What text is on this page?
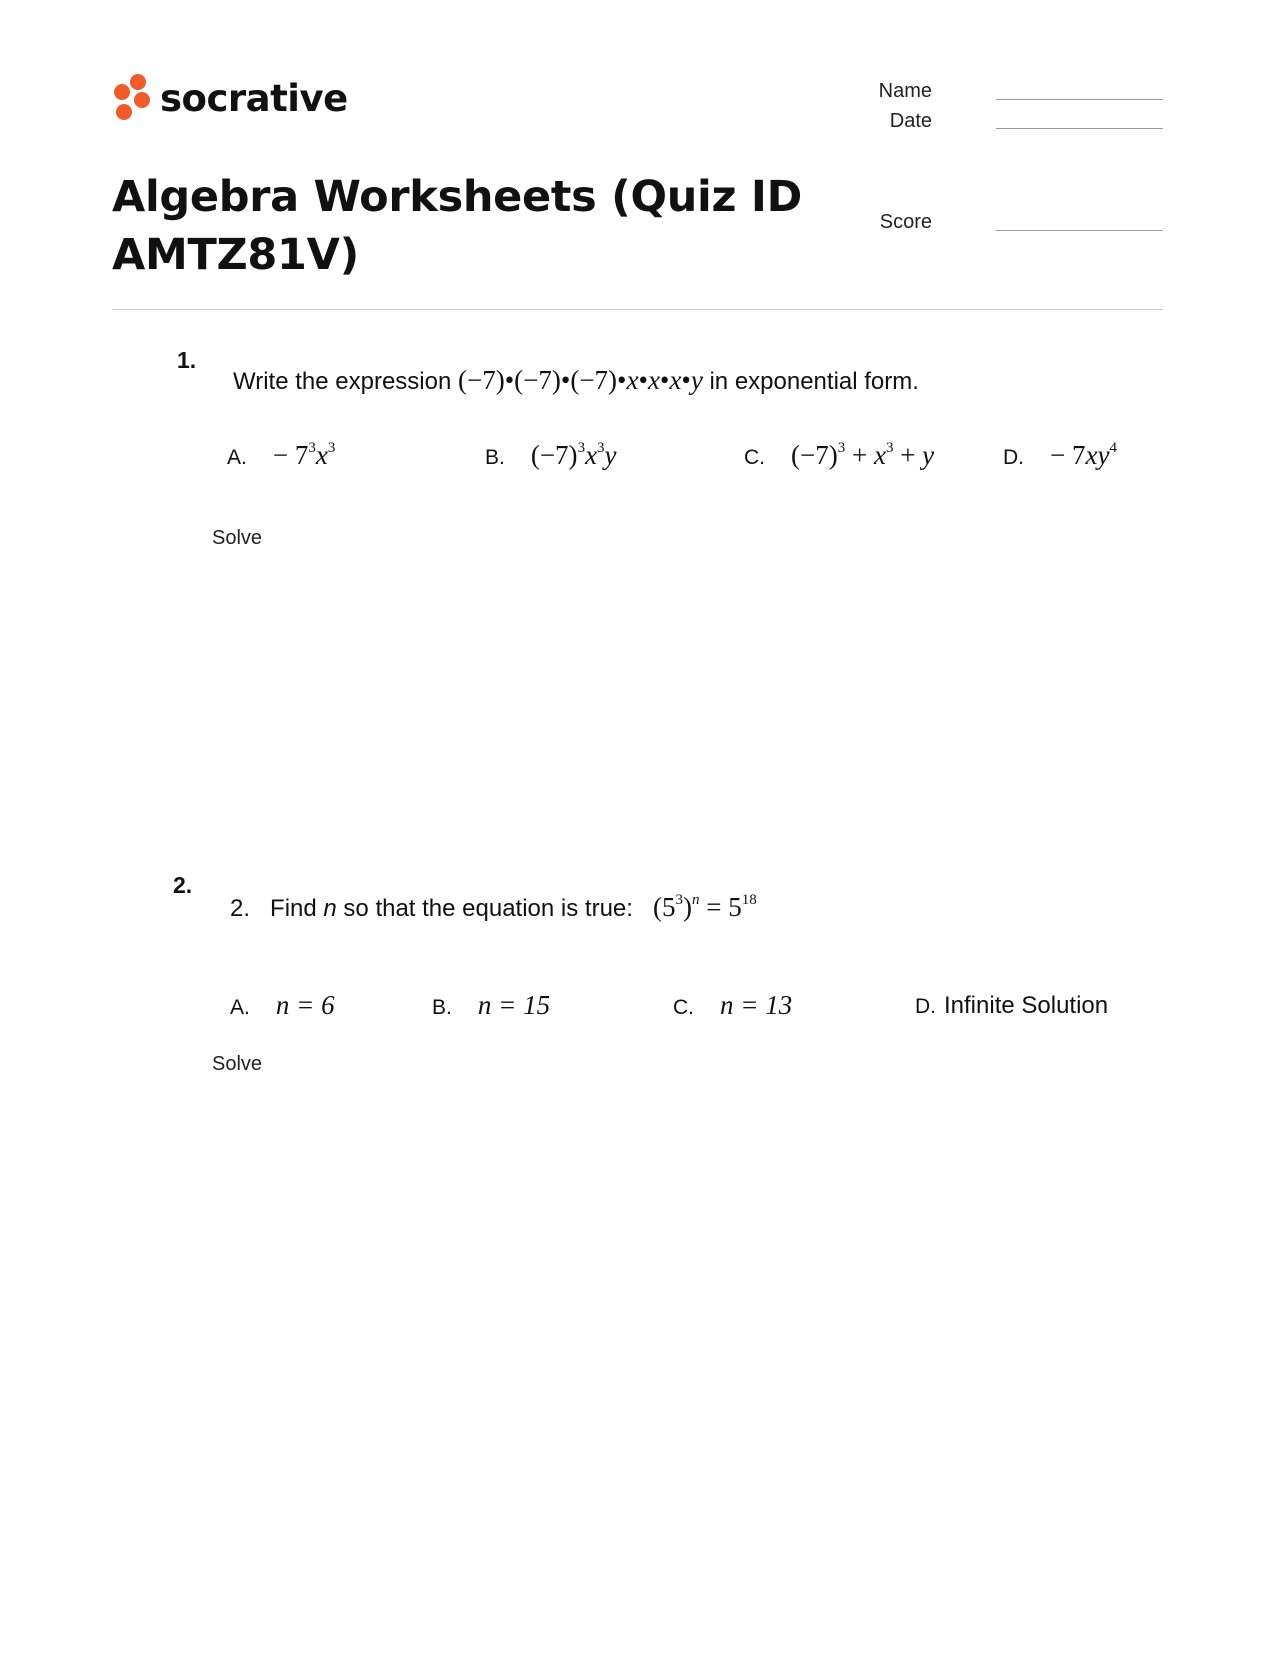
socrative	Name
Date
Score
Algebra Worksheets (Quiz ID AMTZ81V)
1.
Write the expression (−7)•(−7)•(−7)•x•x•x•y in exponential form.
A. − $7^3x^3$	B. $(-7)^3x^3y$	C. $(-7)^3 + x^3 + y$	D. − $7xy^4$
Solve
2.
2. Find n so that the equation is true: $(5^3)^n = 5^{18}$
A. n = 6	B. n = 15	C. n = 13	D. Infinite Solution
Solve
